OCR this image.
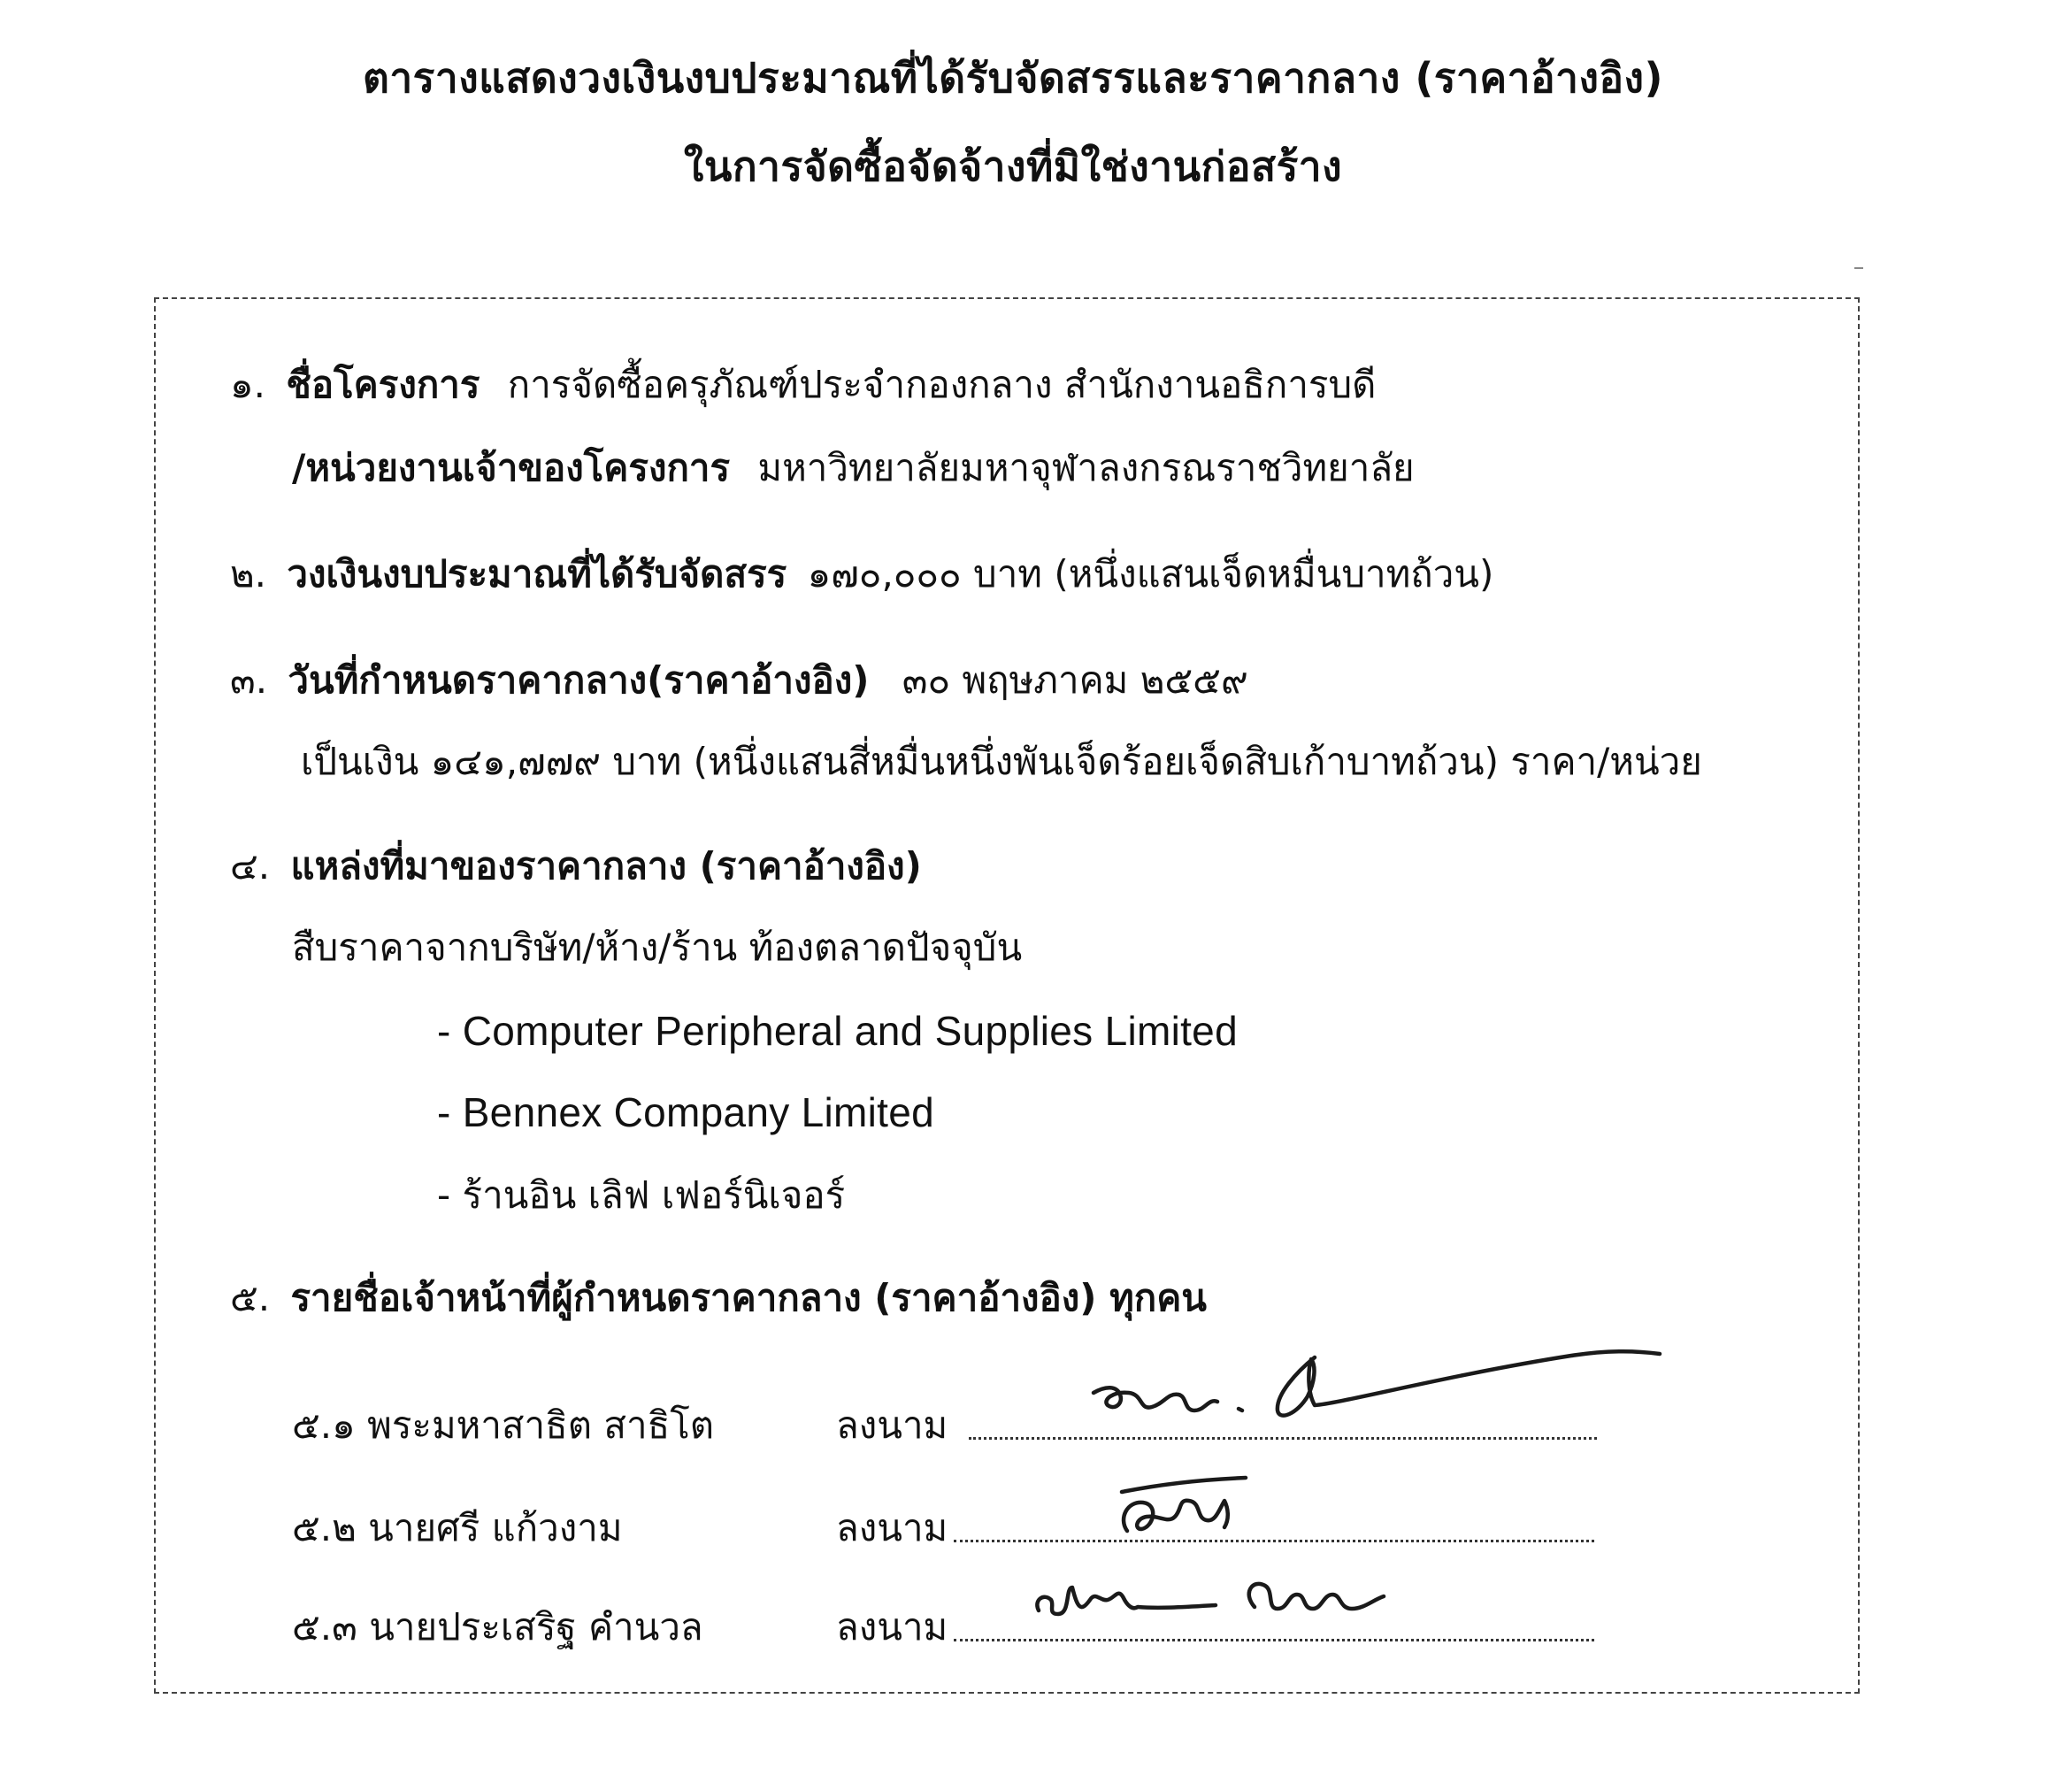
ตารางแสดงวงเงินงบประมาณที่ได้รับจัดสรรและราคากลาง (ราคาอ้างอิง)
ในการจัดซื้อจัดจ้างที่มิใช่งานก่อสร้าง
๑. ชื่อโครงการ การจัดซื้อครุภัณฑ์ประจำกองกลาง สำนักงานอธิการบดี
/หน่วยงานเจ้าของโครงการ มหาวิทยาลัยมหาจุฬาลงกรณราชวิทยาลัย
๒. วงเงินงบประมาณที่ได้รับจัดสรร ๑๗๐,๐๐๐ บาท (หนึ่งแสนเจ็ดหมื่นบาทถ้วน)
๓. วันที่กำหนดราคากลาง(ราคาอ้างอิง) ๓๐ พฤษภาคม ๒๕๕๙
เป็นเงิน ๑๔๑,๗๗๙ บาท (หนึ่งแสนสี่หมื่นหนึ่งพันเจ็ดร้อยเจ็ดสิบเก้าบาทถ้วน) ราคา/หน่วย
๔. แหล่งที่มาของราคากลาง (ราคาอ้างอิง)
สืบราคาจากบริษัท/ห้าง/ร้าน ท้องตลาดปัจจุบัน
- Computer Peripheral and Supplies Limited
- Bennex Company Limited
- ร้านอิน เลิฟ เฟอร์นิเจอร์
๕. รายชื่อเจ้าหน้าที่ผู้กำหนดราคากลาง (ราคาอ้างอิง) ทุกคน
๕.๑ พระมหาสาธิต สาธิโต	ลงนาม
๕.๒ นายศรี แก้วงาม	ลงนาม
๕.๓ นายประเสริฐ คำนวล	ลงนาม
